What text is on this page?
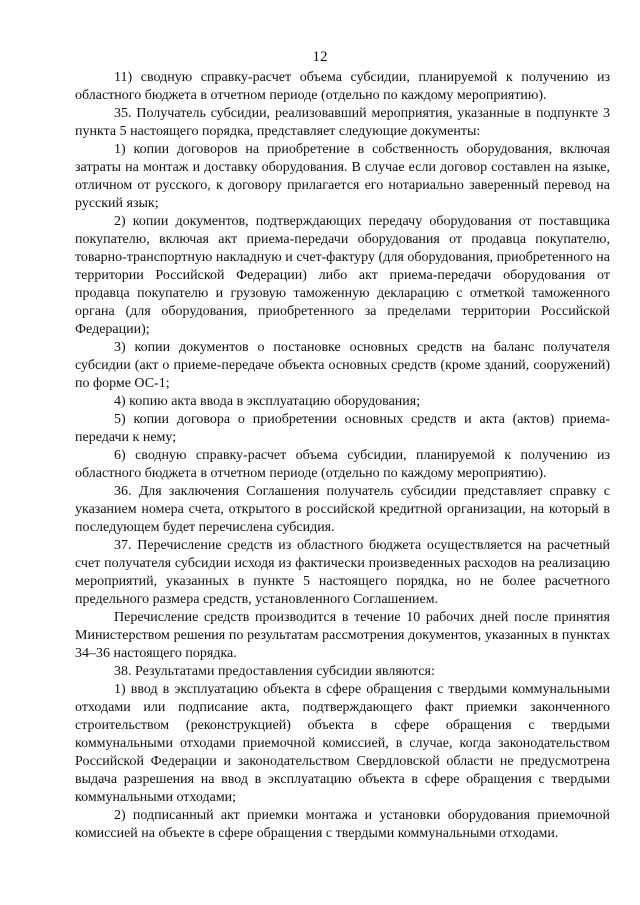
12

11) сводную справку-расчет объема субсидии, планируемой к получению из областного бюджета в отчетном периоде (отдельно по каждому мероприятию).

35. Получатель субсидии, реализовавший мероприятия, указанные в подпункте 3 пункта 5 настоящего порядка, представляет следующие документы:

1) копии договоров на приобретение в собственность оборудования, включая затраты на монтаж и доставку оборудования. В случае если договор составлен на языке, отличном от русского, к договору прилагается его нотариально заверенный перевод на русский язык;

2) копии документов, подтверждающих передачу оборудования от поставщика покупателю, включая акт приема-передачи оборудования от продавца покупателю, товарно-транспортную накладную и счет-фактуру (для оборудования, приобретенного на территории Российской Федерации) либо акт приема-передачи оборудования от продавца покупателю и грузовую таможенную декларацию с отметкой таможенного органа (для оборудования, приобретенного за пределами территории Российской Федерации);

3) копии документов о постановке основных средств на баланс получателя субсидии (акт о приеме-передаче объекта основных средств (кроме зданий, сооружений) по форме ОС-1;

4) копию акта ввода в эксплуатацию оборудования;

5) копии договора о приобретении основных средств и акта (актов) приема-передачи к нему;

6) сводную справку-расчет объема субсидии, планируемой к получению из областного бюджета в отчетном периоде (отдельно по каждому мероприятию).

36. Для заключения Соглашения получатель субсидии представляет справку с указанием номера счета, открытого в российской кредитной организации, на который в последующем будет перечислена субсидия.

37. Перечисление средств из областного бюджета осуществляется на расчетный счет получателя субсидии исходя из фактически произведенных расходов на реализацию мероприятий, указанных в пункте 5 настоящего порядка, но не более расчетного предельного размера средств, установленного Соглашением.

Перечисление средств производится в течение 10 рабочих дней после принятия Министерством решения по результатам рассмотрения документов, указанных в пунктах 34–36 настоящего порядка.

38. Результатами предоставления субсидии являются:

1) ввод в эксплуатацию объекта в сфере обращения с твердыми коммунальными отходами или подписание акта, подтверждающего факт приемки законченного строительством (реконструкцией) объекта в сфере обращения с твердыми коммунальными отходами приемочной комиссией, в случае, когда законодательством Российской Федерации и законодательством Свердловской области не предусмотрена выдача разрешения на ввод в эксплуатацию объекта в сфере обращения с твердыми коммунальными отходами;

2) подписанный акт приемки монтажа и установки оборудования приемочной комиссией на объекте в сфере обращения с твердыми коммунальными отходами.
